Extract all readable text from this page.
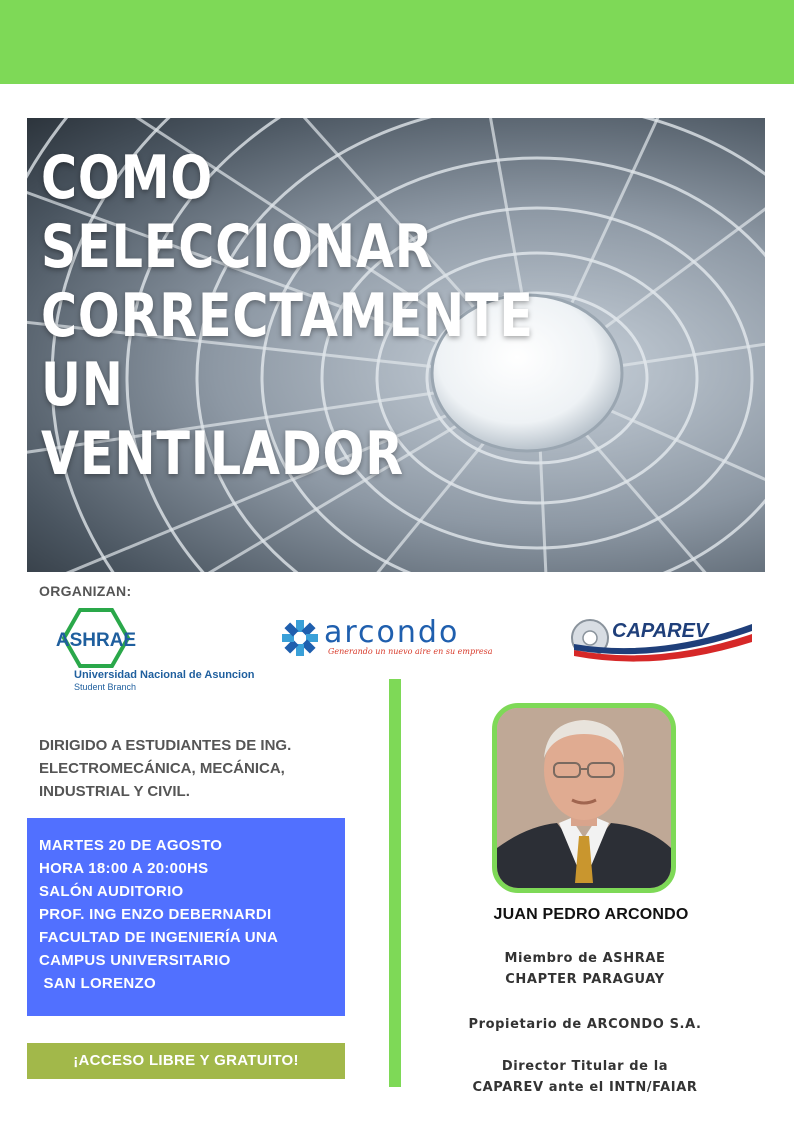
COMO SELECCIONAR
CORRECTAMENTE UN
VENTILADOR
ORGANIZAN:
ASHRAE
Universidad Nacional de Asuncion
Student Branch
arcondo
Generando un nuevo aire en su empresa
CAPAREV
DIRIGIDO A ESTUDIANTES DE ING.
ELECTROMECÁNICA, MECÁNICA,
INDUSTRIAL Y CIVIL.
MARTES 20 DE AGOSTO
HORA 18:00 A 20:00HS
SALÓN AUDITORIO
PROF. ING ENZO DEBERNARDI
FACULTAD DE INGENIERÍA UNA
CAMPUS UNIVERSITARIO
SAN LORENZO
¡ACCESO LIBRE Y GRATUITO!
JUAN PEDRO ARCONDO
Miembro de ASHRAE
CHAPTER PARAGUAY
Propietario de ARCONDO S.A.
Director Titular de la
CAPAREV ante el INTN/FAIAR
